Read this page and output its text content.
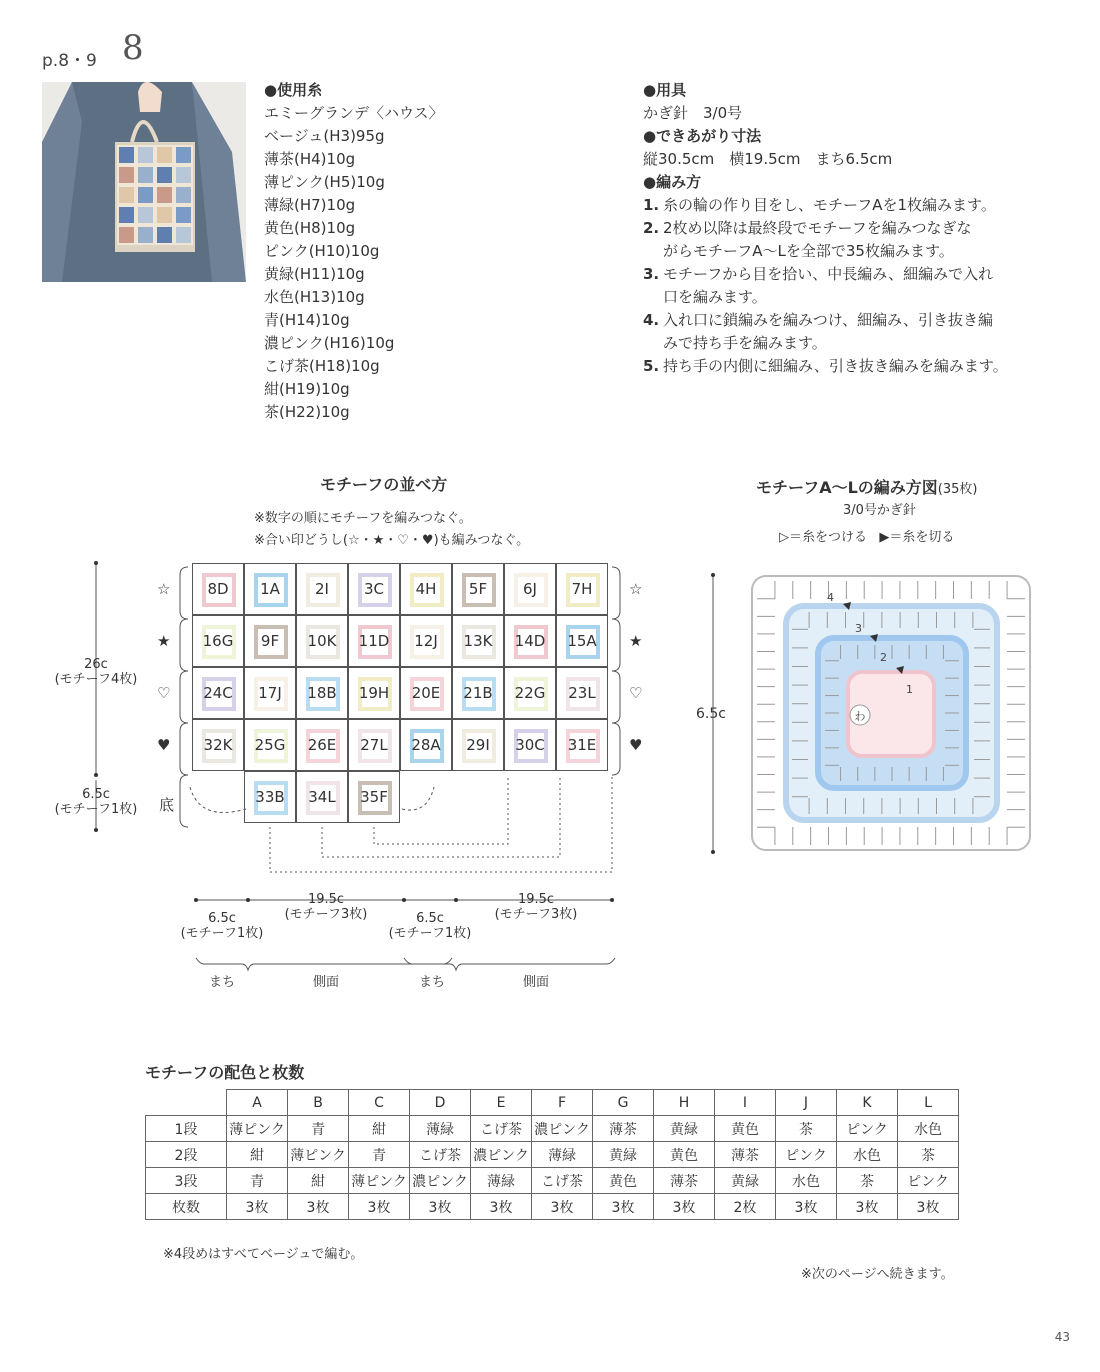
p.8・9 8
●使用糸
エミーグランデ〈ハウス〉
ベージュ(H3)95g
薄茶(H4)10g
薄ピンク(H5)10g
薄緑(H7)10g
黄色(H8)10g
ピンク(H10)10g
黄緑(H11)10g
水色(H13)10g
青(H14)10g
濃ピンク(H16)10g
こげ茶(H18)10g
紺(H19)10g
茶(H22)10g
●用具
かぎ針　3/0号
●できあがり寸法
縦30.5cm　横19.5cm　まち6.5cm
●編み方
1. 糸の輪の作り目をし、モチーフAを1枚編みます。
2. 2枚め以降は最終段でモチーフを編みつなぎな
がらモチーフA～Lを全部で35枚編みます。
3. モチーフから目を拾い、中長編み、細編みで入れ
口を編みます。
4. 入れ口に鎖編みを編みつけ、細編み、引き抜き編
みで持ち手を編みます。
5. 持ち手の内側に細編み、引き抜き編みを編みます。
モチーフの並べ方
※数字の順にモチーフを編みつなぐ。
※合い印どうし(☆・★・♡・♥)も編みつなぐ。
8D 1A 2I 3C 4H 5F 6J 7H
☆	☆
16G 9F 10K 11D 12J 13K 14D 15A
★	★
24C 17J 18B 19H 20E 21B 22G 23L
♡	♡
32K 25G 26E 27L 28A 29I 30C 31E
♥	♥
33B 34L 35F
26c
(モチーフ4枚)
6.5c
(モチーフ1枚)
6.5c
(モチーフ1枚)
19.5c
(モチーフ3枚)	6.5c
(モチーフ1枚)
19.5c
(モチーフ3枚)
まち	側面	まち	側面
底
モチーフA～Lの編み方図(35枚)
3/0号かぎ針
▷＝糸をつける ▶＝糸を切る
6.5c	わ
1
2
3
4
モチーフの配色と枚数
	A	B	C	D	E	F	G	H	I	J	K	L
1段	薄ピンク	青	紺	薄緑	こげ茶	濃ピンク	薄茶	黄緑	黄色	茶	ピンク	水色
2段	紺	薄ピンク	青	こげ茶	濃ピンク	薄緑	黄緑	黄色	薄茶	ピンク	水色	茶
3段	青	紺	薄ピンク	濃ピンク	薄緑	こげ茶	黄色	薄茶	黄緑	水色	茶	ピンク
枚数	3枚	3枚	3枚	3枚	3枚	3枚	3枚	3枚	2枚	3枚	3枚	3枚
※4段めはすべてベージュで編む。
※次のページへ続きます。
43
